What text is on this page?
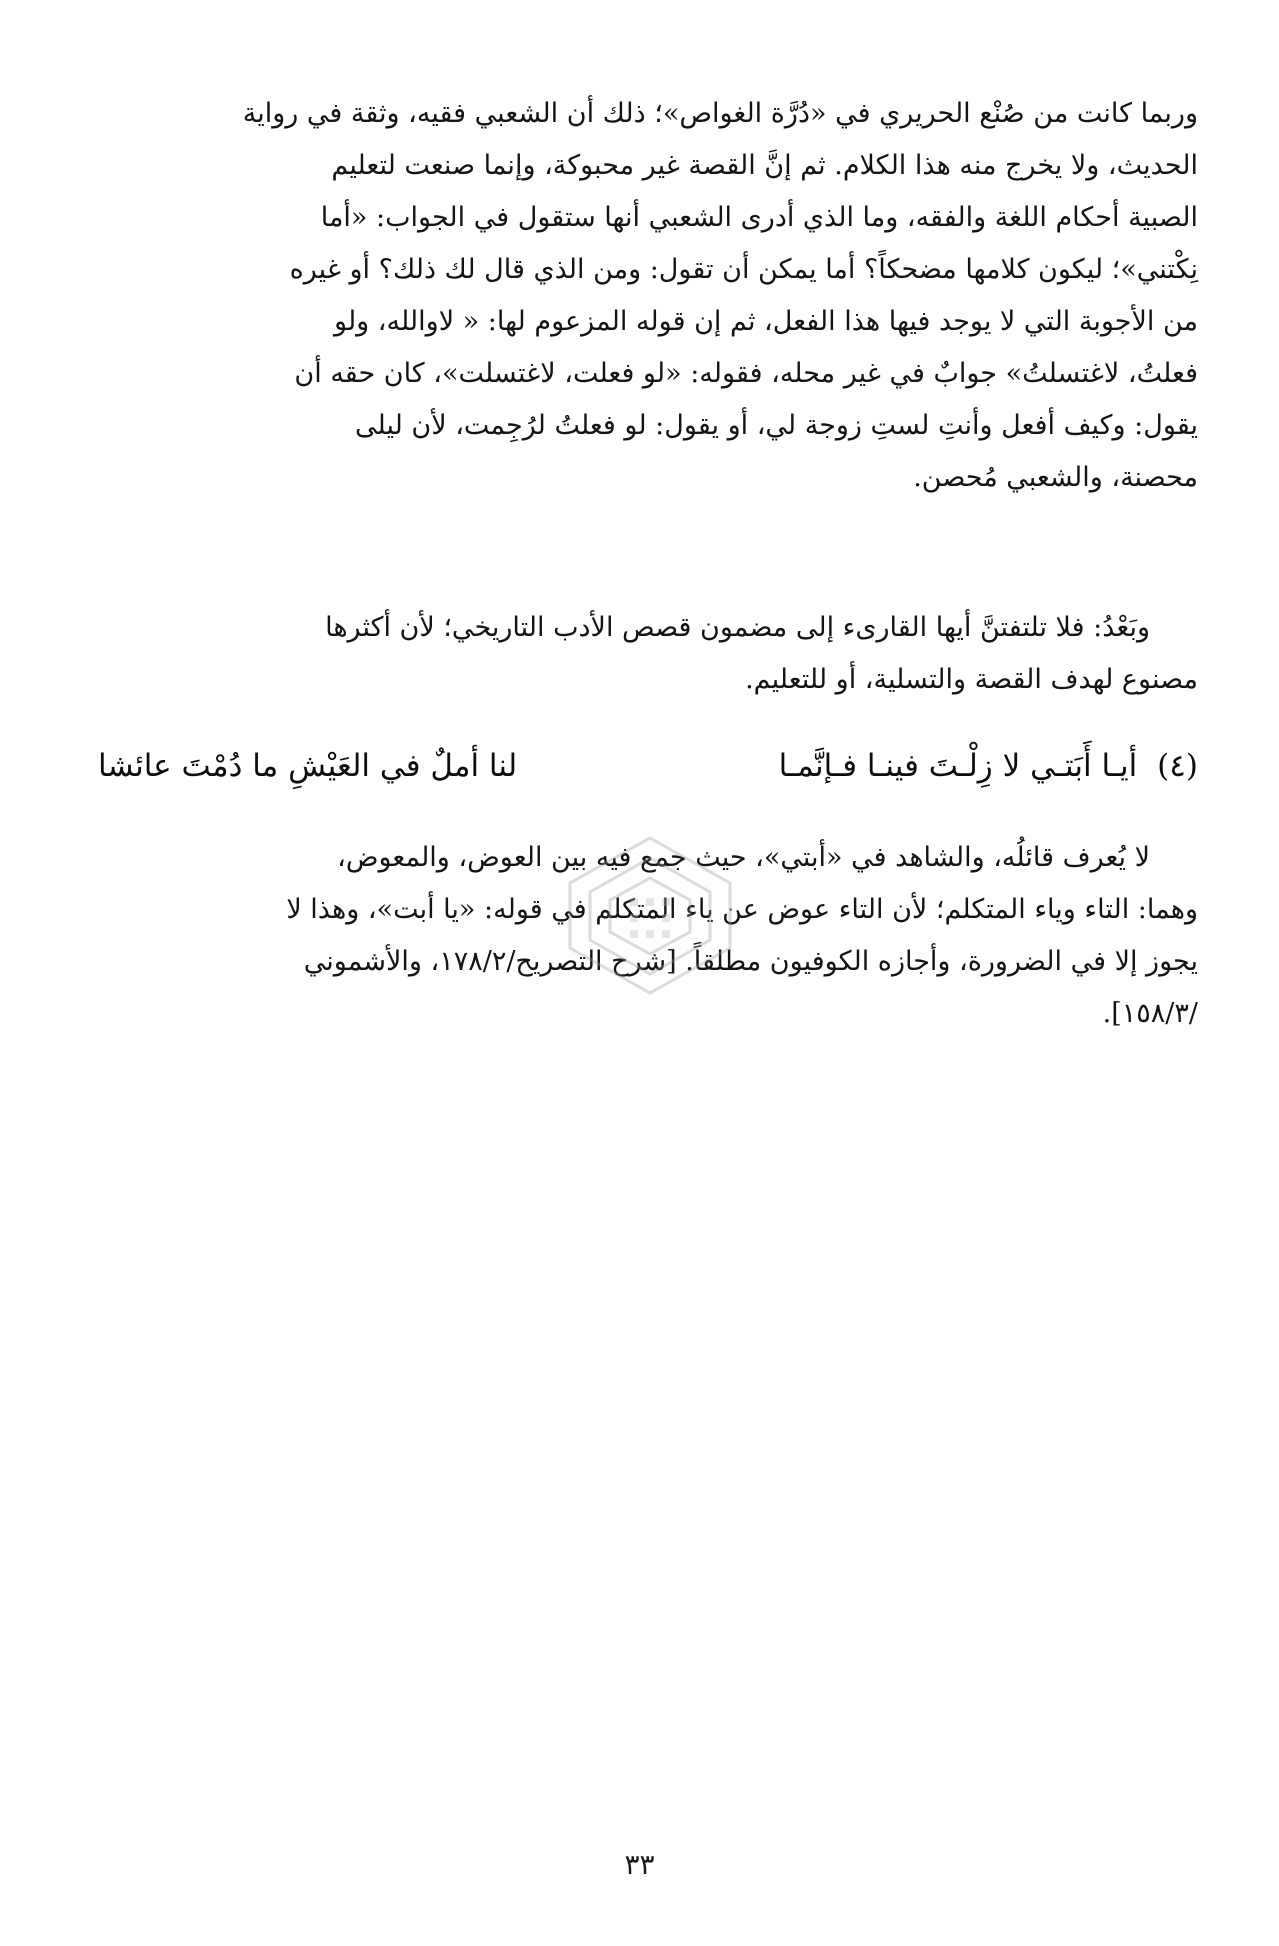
وربما كانت من صُنْع الحريري في «دُرَّة الغواص»؛ ذلك أن الشعبي فقيه، وثقة في رواية
الحديث، ولا يخرج منه هذا الكلام. ثم إنَّ القصة غير محبوكة، وإنما صنعت لتعليم
الصبية أحكام اللغة والفقه، وما الذي أدرى الشعبي أنها ستقول في الجواب: «أما
نِكْتني»؛ ليكون كلامها مضحكاً؟ أما يمكن أن تقول: ومن الذي قال لك ذلك؟ أو غيره
من الأجوبة التي لا يوجد فيها هذا الفعل، ثم إن قوله المزعوم لها: « لاوالله، ولو
فعلتُ، لاغتسلتُ» جوابٌ في غير محله، فقوله: «لو فعلت، لاغتسلت»، كان حقه أن
يقول: وكيف أفعل وأنتِ لستِ زوجة لي، أو يقول: لو فعلتُ لرُجِمت، لأن ليلى
محصنة، والشعبي مُحصن.
وبَعْدُ: فلا تلتفتنَّ أيها القارىء إلى مضمون قصص الأدب التاريخي؛ لأن أكثرها
مصنوع لهدف القصة والتسلية، أو للتعليم.
(٤) أيـا أَبَتـي لا زِلْـتَ فينـا فـإنَّمـا
لنا أملٌ في العَيْشِ ما دُمْتَ عائشا
لا يُعرف قائلُه، والشاهد في «أبتي»، حيث جمع فيه بين العوض، والمعوض،
وهما: التاء وياء المتكلم؛ لأن التاء عوض عن ياء المتكلم في قوله: «يا أبت»، وهذا لا
يجوز إلا في الضرورة، وأجازه الكوفيون مطلقاً. [شرح التصريح/١٧٨/٢، والأشموني
/١٥٨/٣].
٣٣
